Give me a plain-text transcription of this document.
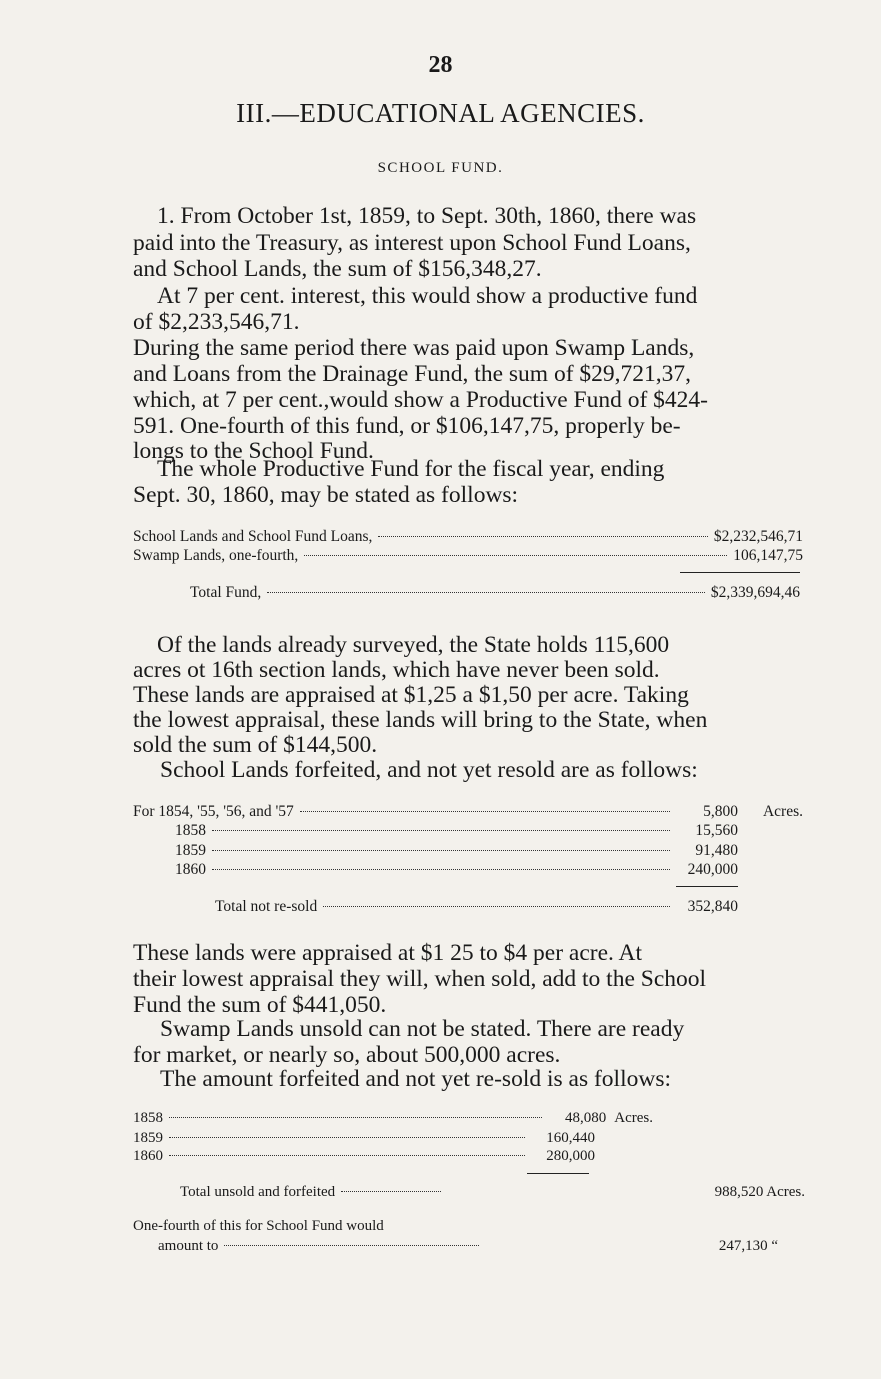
28
III.—EDUCATIONAL AGENCIES.
SCHOOL FUND.
1. From October 1st, 1859, to Sept. 30th, 1860, there was
paid into the Treasury, as interest upon School Fund Loans,
and School Lands, the sum of $156,348,27.
At 7 per cent. interest, this would show a productive fund
of $2,233,546,71.
During the same period there was paid upon Swamp Lands,
and Loans from the Drainage Fund, the sum of $29,721,37,
which, at 7 per cent.,would show a Productive Fund of $424-
591. One-fourth of this fund, or $106,147,75, properly be-
longs to the School Fund.
The whole Productive Fund for the fiscal year, ending
Sept. 30, 1860, may be stated as follows:
School Lands and School Fund Loans,	$2,232,546,71
Swamp Lands, one-fourth,	106,147,75
Total Fund,	$2,339,694,46
Of the lands already surveyed, the State holds 115,600
acres ot 16th section lands, which have never been sold.
These lands are appraised at $1,25 a $1,50 per acre. Taking
the lowest appraisal, these lands will bring to the State, when
sold the sum of $144,500.
School Lands forfeited, and not yet resold are as follows:
For 1854, '55, '56, and '57	5,800	Acres.
1858	15,560
1859	91,480
1860	240,000
Total not re-sold	352,840
These lands were appraised at $1 25 to $4 per acre. At
their lowest appraisal they will, when sold, add to the School
Fund the sum of $441,050.
Swamp Lands unsold can not be stated. There are ready
for market, or nearly so, about 500,000 acres.
The amount forfeited and not yet re-sold is as follows:
1858	48,080 Acres.
1859	160,440
1860	280,000
Total unsold and forfeited	988,520 Acres.
One-fourth of this for School Fund would
amount to	247,130 “
